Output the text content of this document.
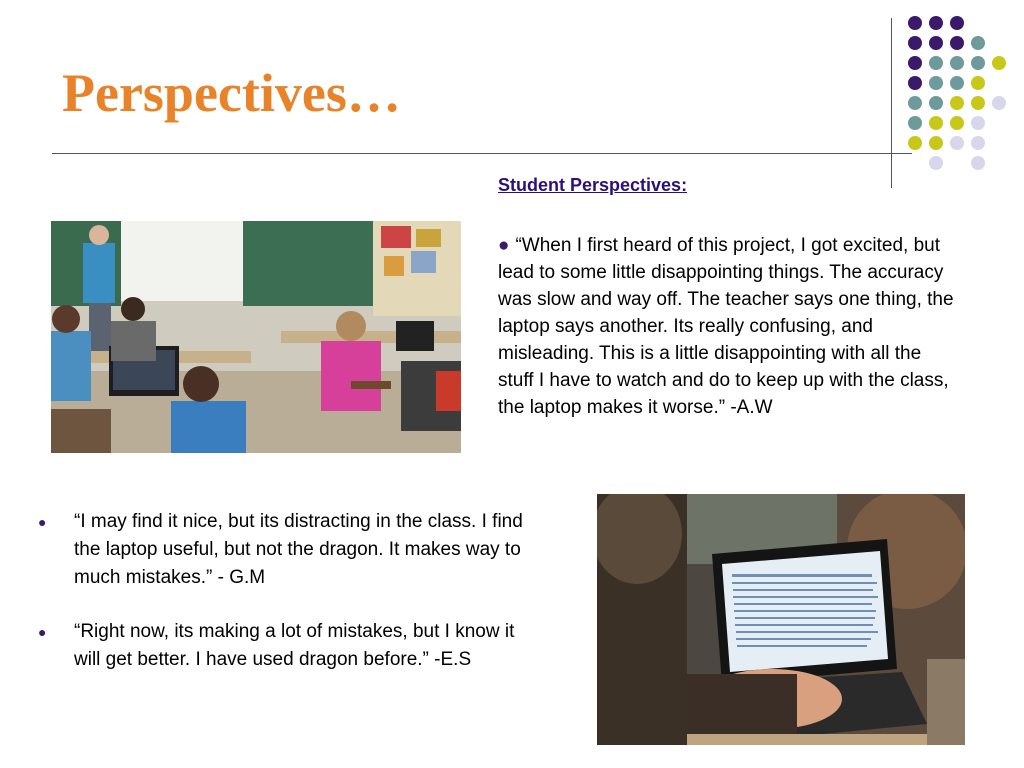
Perspectives…
Student Perspectives:
● “When I first heard of this project, I got excited, but lead to some little disappointing things. The accuracy was slow and way off. The teacher says one thing, the laptop says another. Its really confusing, and misleading. This is a little disappointing with all the stuff I have to watch and do to keep up with the class, the laptop makes it worse.” -A.W
● “I may find it nice, but its distracting in the class. I find the laptop useful, but not the dragon. It makes way to much mistakes.” - G.M
● “Right now, its making a lot of mistakes, but I know it will get better. I have used dragon before.” -E.S
